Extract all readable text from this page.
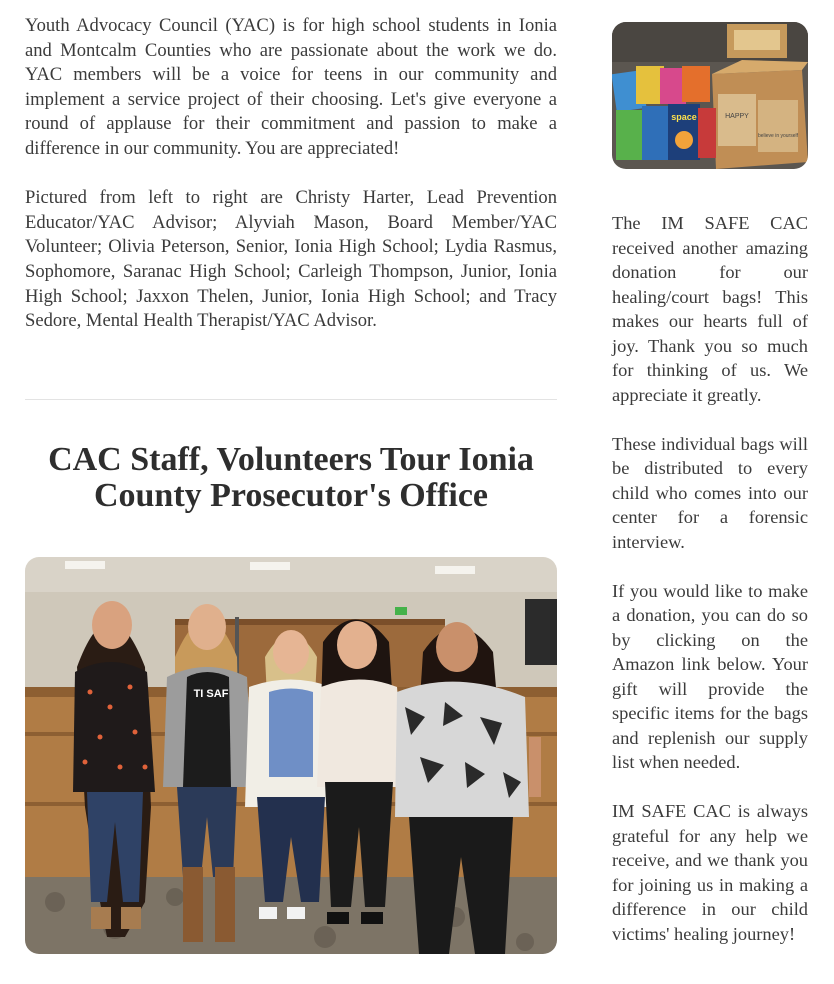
Youth Advocacy Council (YAC) is for high school students in Ionia and Montcalm Counties who are passionate about the work we do. YAC members will be a voice for teens in our community and implement a service project of their choosing. Let's give everyone a round of applause for their commitment and passion to make a difference in our community. You are appreciated!

Pictured from left to right are Christy Harter, Lead Prevention Educator/YAC Advisor; Alyviah Mason, Board Member/YAC Volunteer; Olivia Peterson, Senior, Ionia High School; Lydia Rasmus, Sophomore, Saranac High School; Carleigh Thompson, Junior, Ionia High School; Jaxxon Thelen, Junior, Ionia High School; and Tracy Sedore, Mental Health Therapist/YAC Advisor.

CAC Staff, Volunteers Tour Ionia County Prosecutor's Office
TI SAF
HAPPY
believe in yourself
space

The IM SAFE CAC received another amazing donation for our healing/court bags! This makes our hearts full of joy. Thank you so much for thinking of us. We appreciate it greatly.

These individual bags will be distributed to every child who comes into our center for a forensic interview.

If you would like to make a donation, you can do so by clicking on the Amazon link below. Your gift will provide the specific items for the bags and replenish our supply list when needed.

IM SAFE CAC is always grateful for any help we receive, and we thank you for joining us in making a difference in our child victims' healing journey!
